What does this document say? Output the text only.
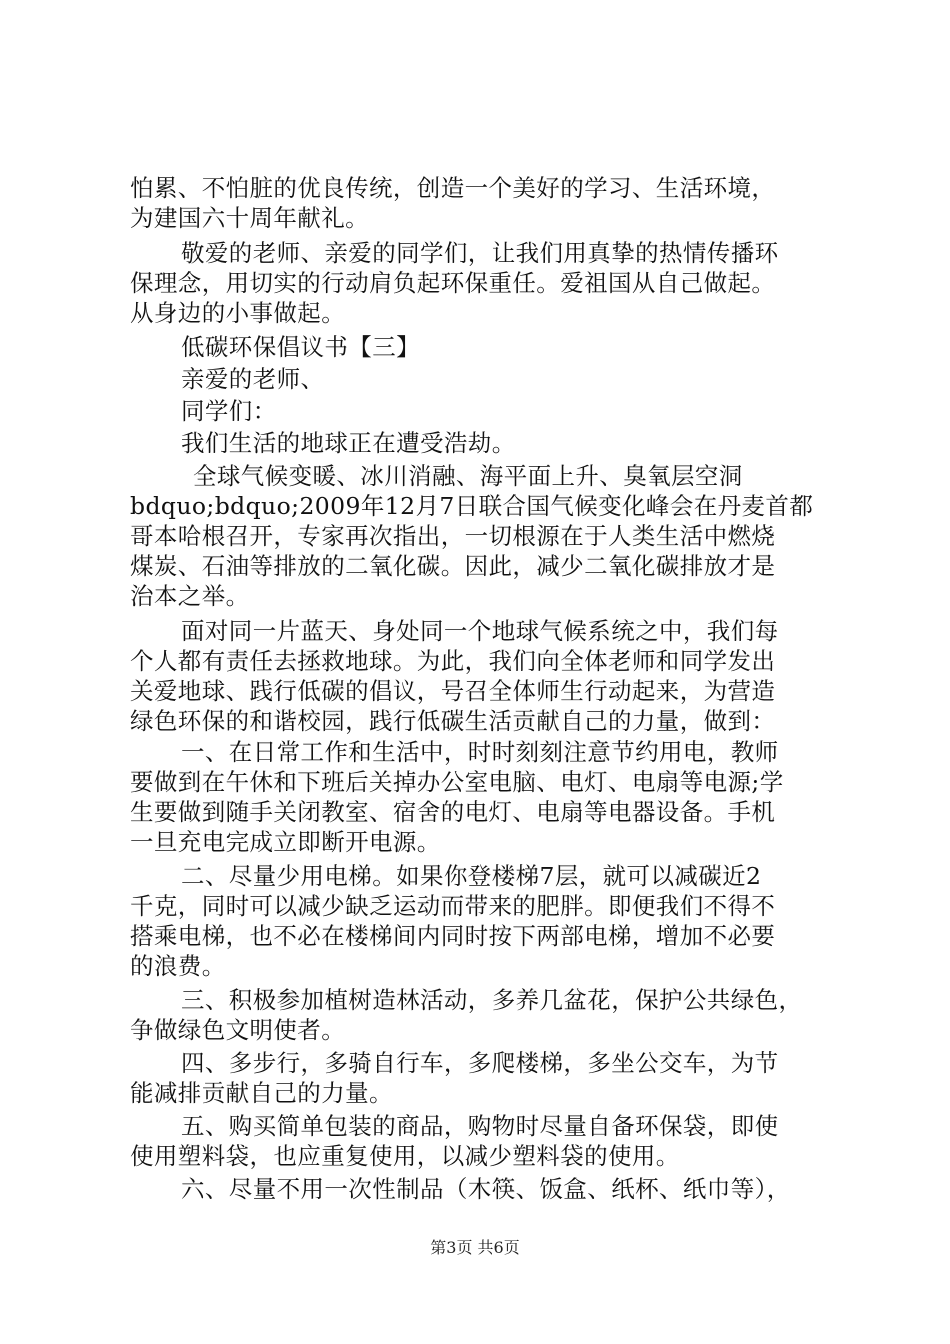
怕累、不怕脏的优良传统，创造一个美好的学习、生活环境，
为建国六十周年献礼。
敬爱的老师、亲爱的同学们，让我们用真挚的热情传播环
保理念，用切实的行动肩负起环保重任。爱祖国从自己做起。
从身边的小事做起。
低碳环保倡议书【三】
亲爱的老师、
同学们：
我们生活的地球正在遭受浩劫。
全球气候变暖、冰川消融、海平面上升、臭氧层空洞
bdquo;bdquo;2009年12月7日联合国气候变化峰会在丹麦首都
哥本哈根召开，专家再次指出，一切根源在于人类生活中燃烧
煤炭、石油等排放的二氧化碳。因此，减少二氧化碳排放才是
治本之举。
面对同一片蓝天、身处同一个地球气候系统之中，我们每
个人都有责任去拯救地球。为此，我们向全体老师和同学发出
关爱地球、践行低碳的倡议，号召全体师生行动起来，为营造
绿色环保的和谐校园，践行低碳生活贡献自己的力量，做到：
一、在日常工作和生活中，时时刻刻注意节约用电，教师
要做到在午休和下班后关掉办公室电脑、电灯、电扇等电源;学
生要做到随手关闭教室、宿舍的电灯、电扇等电器设备。手机
一旦充电完成立即断开电源。
二、尽量少用电梯。如果你登楼梯7层，就可以减碳近2
千克，同时可以减少缺乏运动而带来的肥胖。即便我们不得不
搭乘电梯，也不必在楼梯间内同时按下两部电梯，增加不必要
的浪费。
三、积极参加植树造林活动，多养几盆花，保护公共绿色，
争做绿色文明使者。
四、多步行，多骑自行车，多爬楼梯，多坐公交车，为节
能减排贡献自己的力量。
五、购买简单包装的商品，购物时尽量自备环保袋，即使
使用塑料袋，也应重复使用，以减少塑料袋的使用。
六、尽量不用一次性制品（木筷、饭盒、纸杯、纸巾等），
第3页 共6页
